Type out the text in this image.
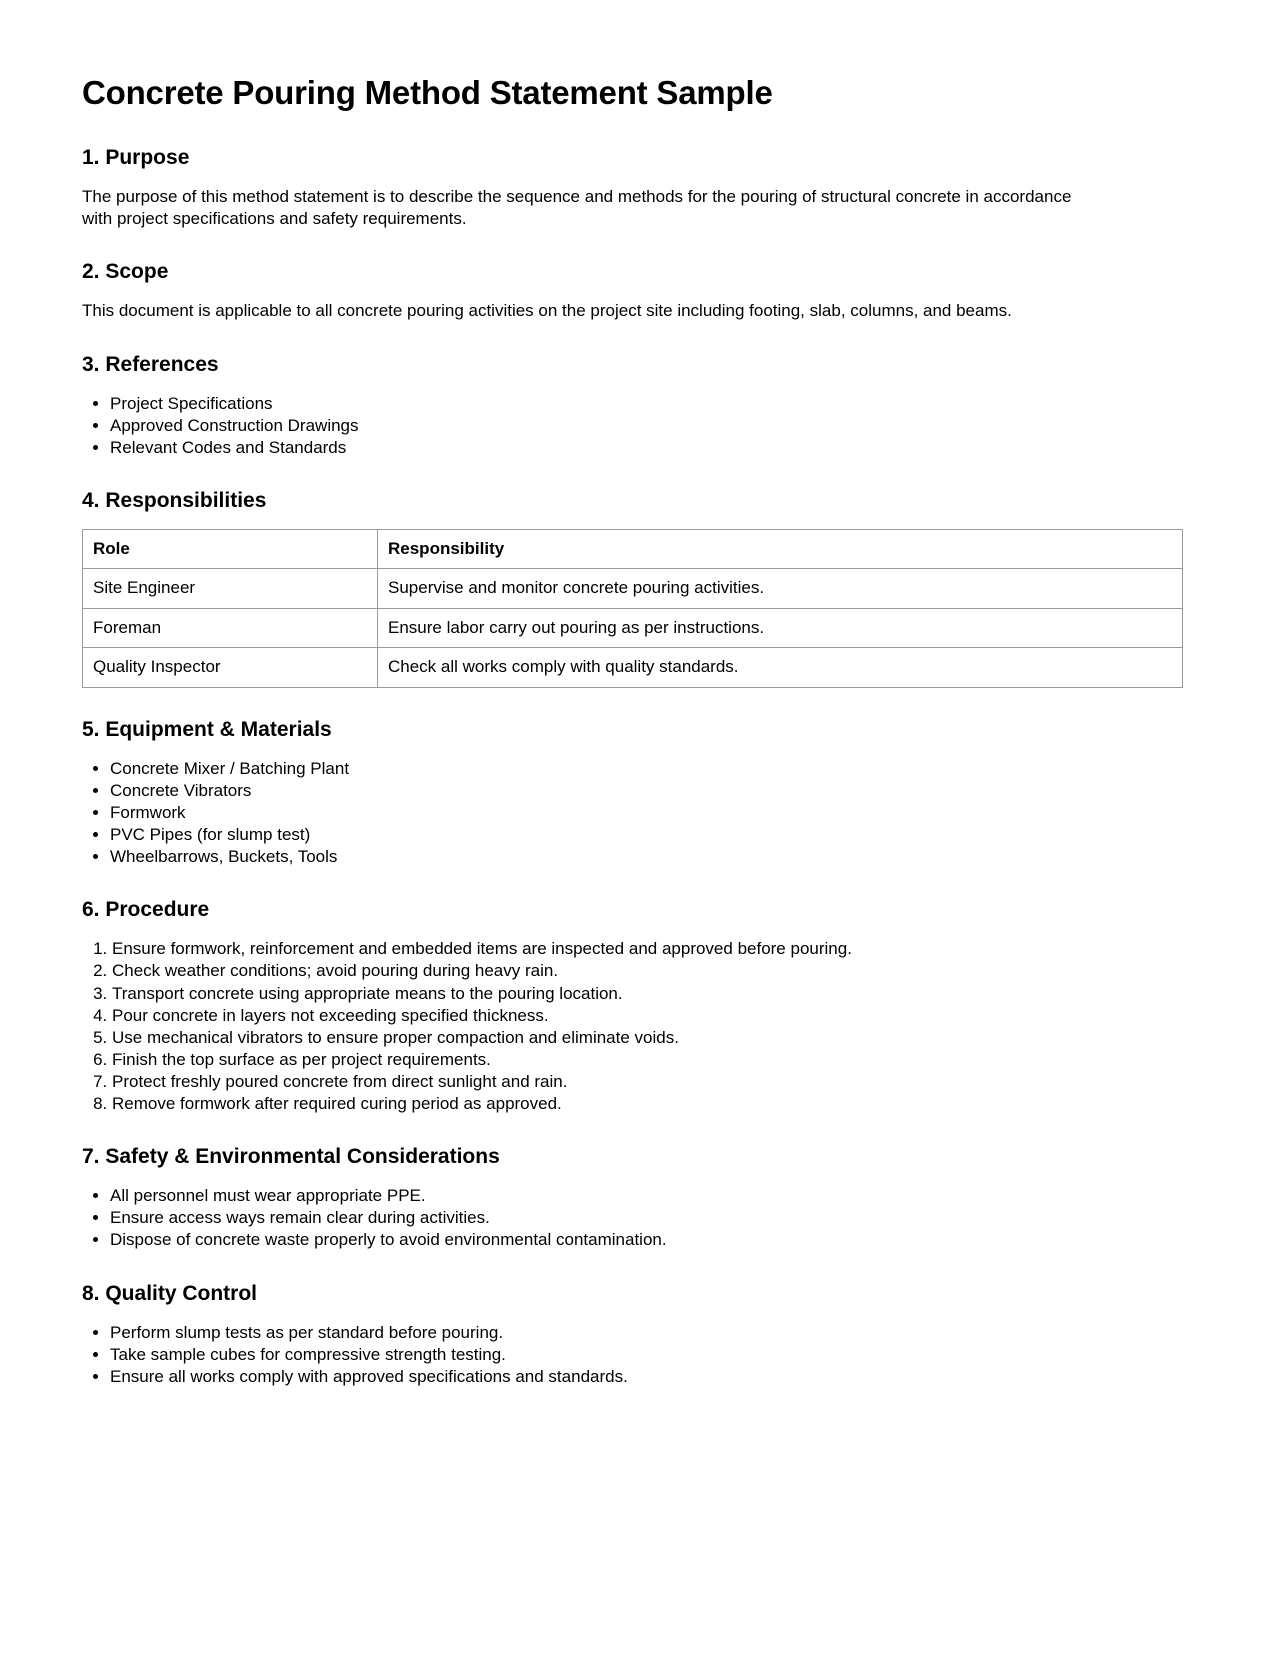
Concrete Pouring Method Statement Sample
1. Purpose

The purpose of this method statement is to describe the sequence and methods for the pouring of structural concrete in accordance with project specifications and safety requirements.

2. Scope

This document is applicable to all concrete pouring activities on the project site including footing, slab, columns, and beams.

3. References
• Project Specifications
• Approved Construction Drawings
• Relevant Codes and Standards
4. Responsibilities
Role	Responsibility
Site Engineer	Supervise and monitor concrete pouring activities.
Foreman	Ensure labor carry out pouring as per instructions.
Quality Inspector	Check all works comply with quality standards.
5. Equipment & Materials
• Concrete Mixer / Batching Plant
• Concrete Vibrators
• Formwork
• PVC Pipes (for slump test)
• Wheelbarrows, Buckets, Tools
6. Procedure
1. Ensure formwork, reinforcement and embedded items are inspected and approved before pouring.
2. Check weather conditions; avoid pouring during heavy rain.
3. Transport concrete using appropriate means to the pouring location.
4. Pour concrete in layers not exceeding specified thickness.
5. Use mechanical vibrators to ensure proper compaction and eliminate voids.
6. Finish the top surface as per project requirements.
7. Protect freshly poured concrete from direct sunlight and rain.
8. Remove formwork after required curing period as approved.
7. Safety & Environmental Considerations
• All personnel must wear appropriate PPE.
• Ensure access ways remain clear during activities.
• Dispose of concrete waste properly to avoid environmental contamination.
8. Quality Control
• Perform slump tests as per standard before pouring.
• Take sample cubes for compressive strength testing.
• Ensure all works comply with approved specifications and standards.
